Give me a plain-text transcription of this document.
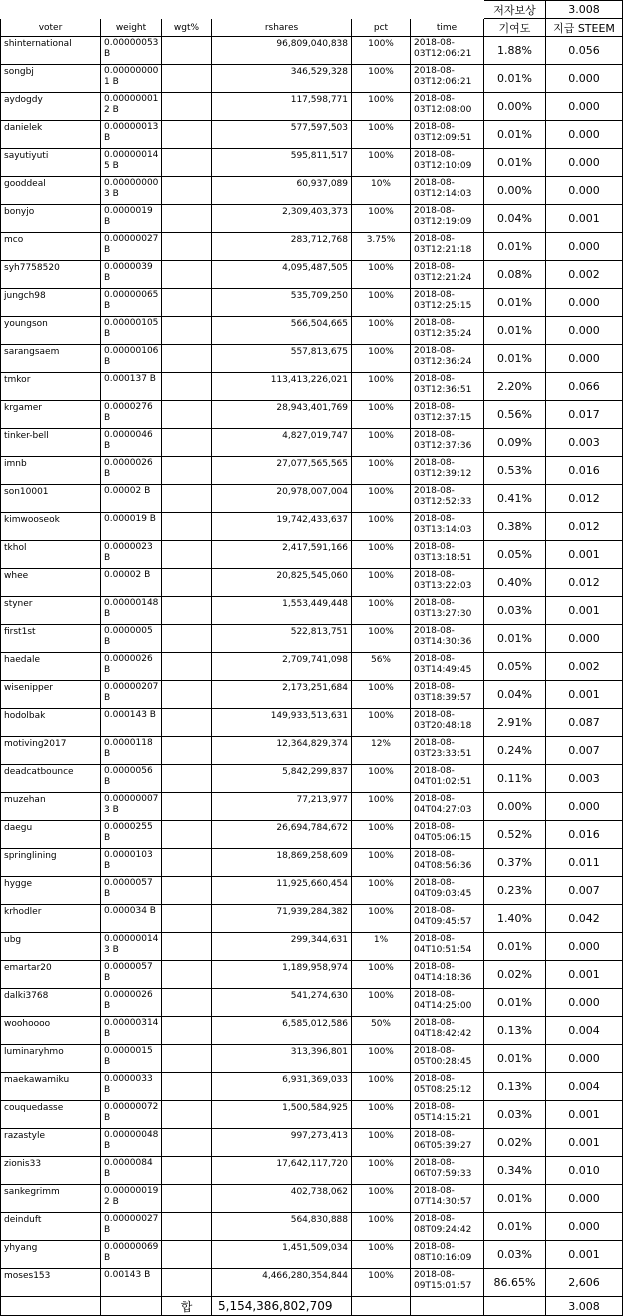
						저자보상	3.008
voter	weight	wgt%	rshares	pct	time	기여도	지급 STEEM
shinternational	0.00000053 B		96,809,040,838	100%	2018-08-03T12:06:21	1.88%	0.056
songbj	0.000000001 B		346,529,328	100%	2018-08-03T12:06:21	0.01%	0.000
aydogdy	0.000000012 B		117,598,771	100%	2018-08-03T12:08:00	0.00%	0.000
danielek	0.00000013 B		577,597,503	100%	2018-08-03T12:09:51	0.01%	0.000
sayutiyuti	0.000000145 B		595,811,517	100%	2018-08-03T12:10:09	0.01%	0.000
gooddeal	0.000000003 B		60,937,089	10%	2018-08-03T12:14:03	0.00%	0.000
bonyjo	0.0000019 B		2,309,403,373	100%	2018-08-03T12:19:09	0.04%	0.001
mco	0.00000027 B		283,712,768	3.75%	2018-08-03T12:21:18	0.01%	0.000
syh7758520	0.0000039 B		4,095,487,505	100%	2018-08-03T12:21:24	0.08%	0.002
jungch98	0.00000065 B		535,709,250	100%	2018-08-03T12:25:15	0.01%	0.000
youngson	0.00000105 B		566,504,665	100%	2018-08-03T12:35:24	0.01%	0.000
sarangsaem	0.00000106 B		557,813,675	100%	2018-08-03T12:36:24	0.01%	0.000
tmkor	0.000137 B		113,413,226,021	100%	2018-08-03T12:36:51	2.20%	0.066
krgamer	0.0000276 B		28,943,401,769	100%	2018-08-03T12:37:15	0.56%	0.017
tinker-bell	0.0000046 B		4,827,019,747	100%	2018-08-03T12:37:36	0.09%	0.003
imnb	0.0000026 B		27,077,565,565	100%	2018-08-03T12:39:12	0.53%	0.016
son10001	0.00002 B		20,978,007,004	100%	2018-08-03T12:52:33	0.41%	0.012
kimwooseok	0.000019 B		19,742,433,637	100%	2018-08-03T13:14:03	0.38%	0.012
tkhol	0.0000023 B		2,417,591,166	100%	2018-08-03T13:18:51	0.05%	0.001
whee	0.00002 B		20,825,545,060	100%	2018-08-03T13:22:03	0.40%	0.012
styner	0.00000148 B		1,553,449,448	100%	2018-08-03T13:27:30	0.03%	0.001
first1st	0.0000005 B		522,813,751	100%	2018-08-03T14:30:36	0.01%	0.000
haedale	0.0000026 B		2,709,741,098	56%	2018-08-03T14:49:45	0.05%	0.002
wisenipper	0.00000207 B		2,173,251,684	100%	2018-08-03T18:39:57	0.04%	0.001
hodolbak	0.000143 B		149,933,513,631	100%	2018-08-03T20:48:18	2.91%	0.087
motiving2017	0.0000118 B		12,364,829,374	12%	2018-08-03T23:33:51	0.24%	0.007
deadcatbounce	0.0000056 B		5,842,299,837	100%	2018-08-04T01:02:51	0.11%	0.003
muzehan	0.000000073 B		77,213,977	100%	2018-08-04T04:27:03	0.00%	0.000
daegu	0.0000255 B		26,694,784,672	100%	2018-08-04T05:06:15	0.52%	0.016
springlining	0.0000103 B		18,869,258,609	100%	2018-08-04T08:56:36	0.37%	0.011
hygge	0.0000057 B		11,925,660,454	100%	2018-08-04T09:03:45	0.23%	0.007
krhodler	0.000034 B		71,939,284,382	100%	2018-08-04T09:45:57	1.40%	0.042
ubg	0.000000143 B		299,344,631	1%	2018-08-04T10:51:54	0.01%	0.000
emartar20	0.0000057 B		1,189,958,974	100%	2018-08-04T14:18:36	0.02%	0.001
dalki3768	0.0000026 B		541,274,630	100%	2018-08-04T14:25:00	0.01%	0.000
woohoooo	0.00000314 B		6,585,012,586	50%	2018-08-04T18:42:42	0.13%	0.004
luminaryhmo	0.0000015 B		313,396,801	100%	2018-08-05T00:28:45	0.01%	0.000
maekawamiku	0.0000033 B		6,931,369,033	100%	2018-08-05T08:25:12	0.13%	0.004
couquedasse	0.00000072 B		1,500,584,925	100%	2018-08-05T14:15:21	0.03%	0.001
razastyle	0.00000048 B		997,273,413	100%	2018-08-06T05:39:27	0.02%	0.001
zionis33	0.0000084 B		17,642,117,720	100%	2018-08-06T07:59:33	0.34%	0.010
sankegrimm	0.000000192 B		402,738,062	100%	2018-08-07T14:30:57	0.01%	0.000
deinduft	0.00000027 B		564,830,888	100%	2018-08-08T09:24:42	0.01%	0.000
yhyang	0.00000069 B		1,451,509,034	100%	2018-08-08T10:16:09	0.03%	0.001
moses153	0.00143 B		4,466,280,354,844	100%	2018-08-09T15:01:57	86.65%	2,606
		합	5,154,386,802,709				3.008
